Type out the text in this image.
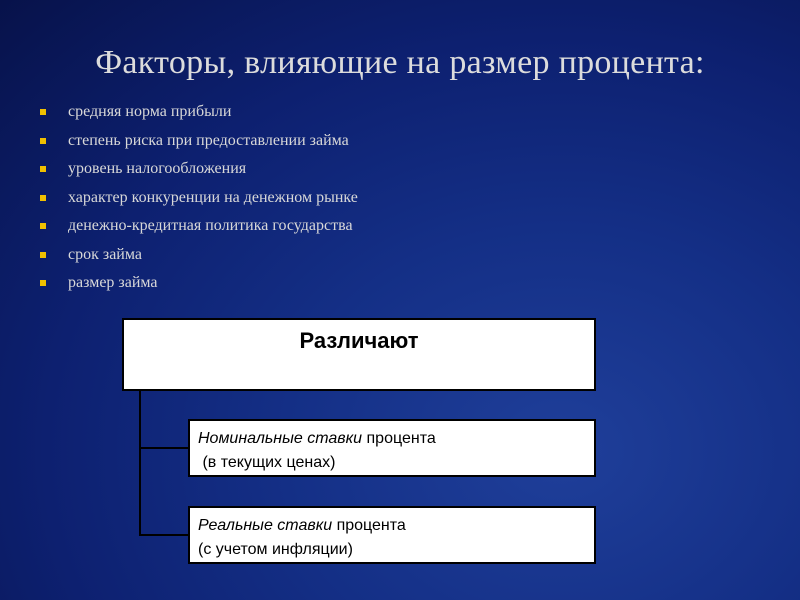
Факторы, влияющие на размер процента:
средняя норма прибыли
степень риска при предоставлении займа
уровень налогообложения
характер конкуренции на денежном рынке
денежно-кредитная политика государства
срок займа
размер займа
Различают
Номинальные ставки процента
(в текущих ценах)
Реальные ставки процента
(с учетом инфляции)
